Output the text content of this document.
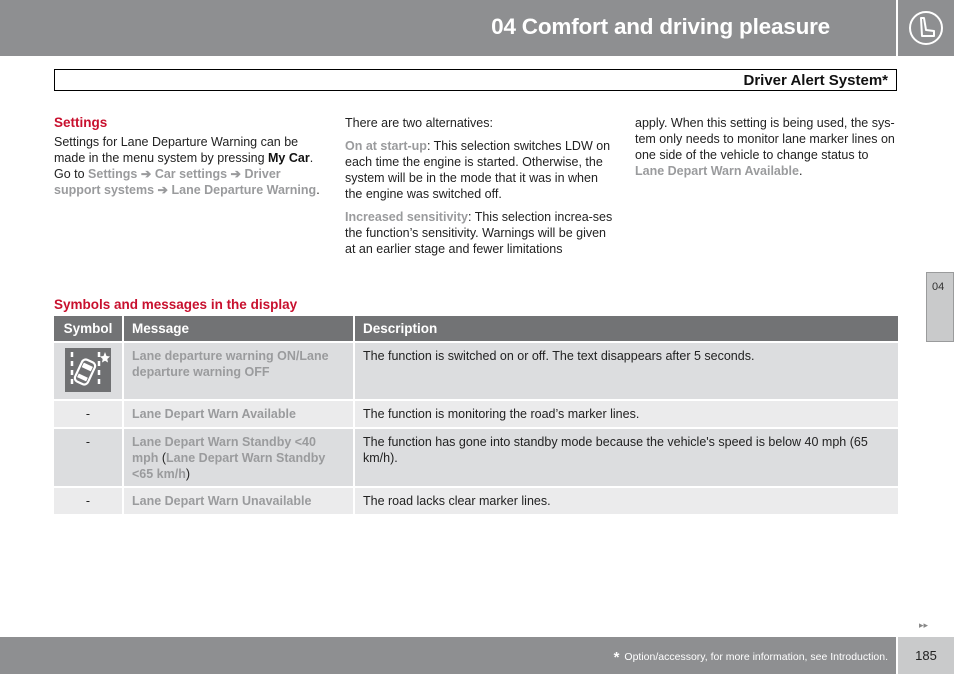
04 Comfort and driving pleasure
Driver Alert System*
04

Settings

Settings for Lane Departure Warning can be made in the menu system by pressing My Car. Go to Settings ➔ Car settings ➔ Driver support systems ➔ Lane Departure Warning.

There are two alternatives:

On at start-up: This selection switches LDW on each time the engine is started. Otherwise, the system will be in the mode that it was in when the engine was switched off.

Increased sensitivity: This selection increa-ses the function’s sensitivity. Warnings will be given at an earlier stage and fewer limitations

apply. When this setting is being used, the sys-tem only needs to monitor lane marker lines on one side of the vehicle to change status to Lane Depart Warn Available.

Symbols and messages in the display
Symbol	Message	Description

	Lane departure warning ON/Lane departure warning OFF	The function is switched on or off. The text disappears after 5 seconds.
-	Lane Depart Warn Available	The function is monitoring the road’s marker lines.
-	Lane Depart Warn Standby <40 mph (Lane Depart Warn Standby <65 km/h)	The function has gone into standby mode because the vehicle's speed is below 40 mph (65 km/h).
-	Lane Depart Warn Unavailable	The road lacks clear marker lines.
▸▸
* Option/accessory, for more information, see Introduction.	185
